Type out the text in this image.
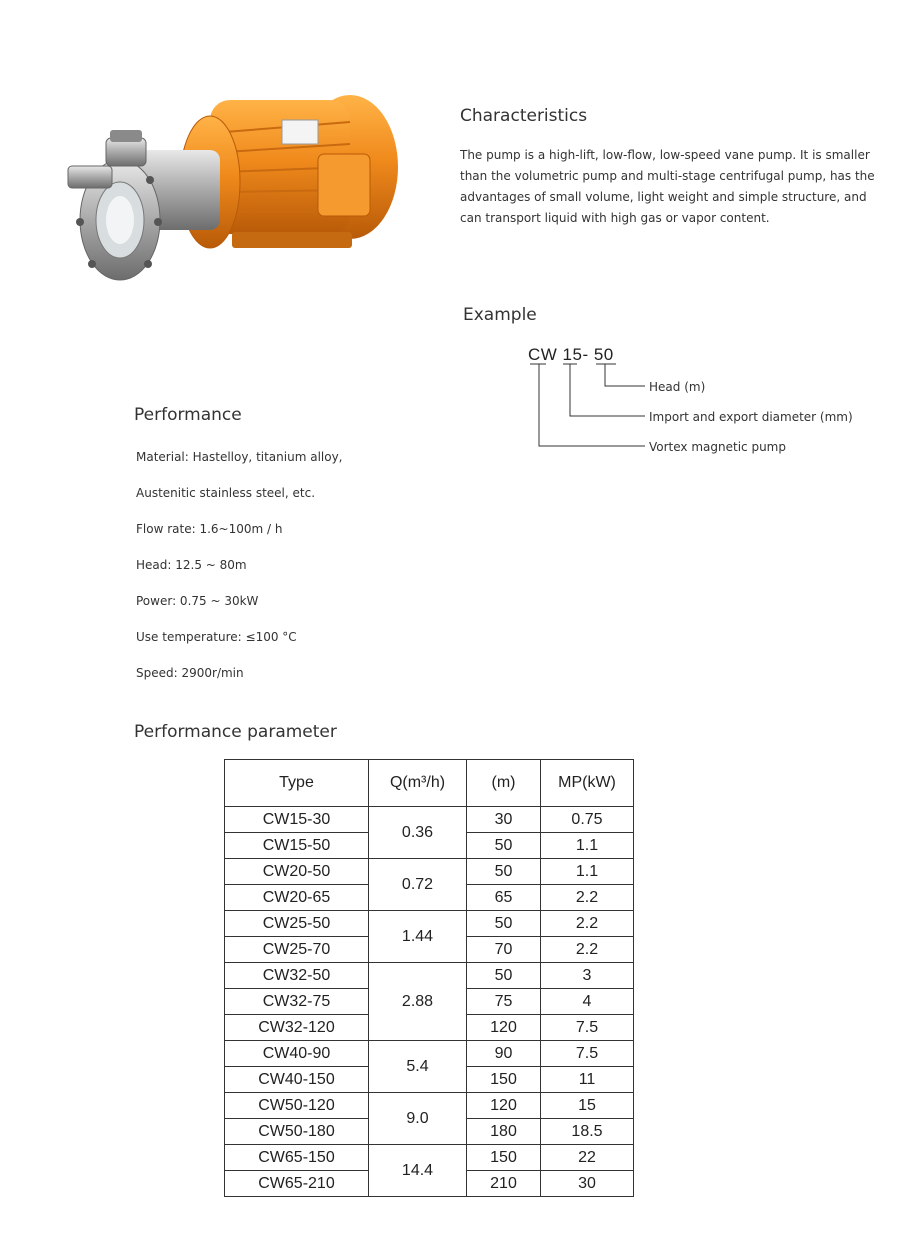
Characteristics

The pump is a high-lift, low-flow, low-speed vane pump. It is smaller than the volumetric pump and multi-stage centrifugal pump, has the advantages of small volume, light weight and simple structure, and can transport liquid with high gas or vapor content.

Example
CW 15- 50
Head (m)
Import and export diameter (mm)
Vortex magnetic pump
Performance
Material: Hastelloy, titanium alloy,
Austenitic stainless steel, etc.
Flow rate: 1.6~100m / h
Head: 12.5 ~ 80m
Power: 0.75 ~ 30kW
Use temperature: ≤100 °C
Speed: 2900r/min
Performance parameter
Type	Q(m³/h)	(m)	MP(kW)
CW15-30	0.36	30	0.75
CW15-50		50	1.1
CW20-50	0.72	50	1.1
CW20-65		65	2.2
CW25-50	1.44	50	2.2
CW25-70		70	2.2
CW32-50	2.88	50	3
CW32-75		75	4
CW32-120		120	7.5
CW40-90	5.4	90	7.5
CW40-150		150	11
CW50-120	9.0	120	15
CW50-180		180	18.5
CW65-150	14.4	150	22
CW65-210		210	30
